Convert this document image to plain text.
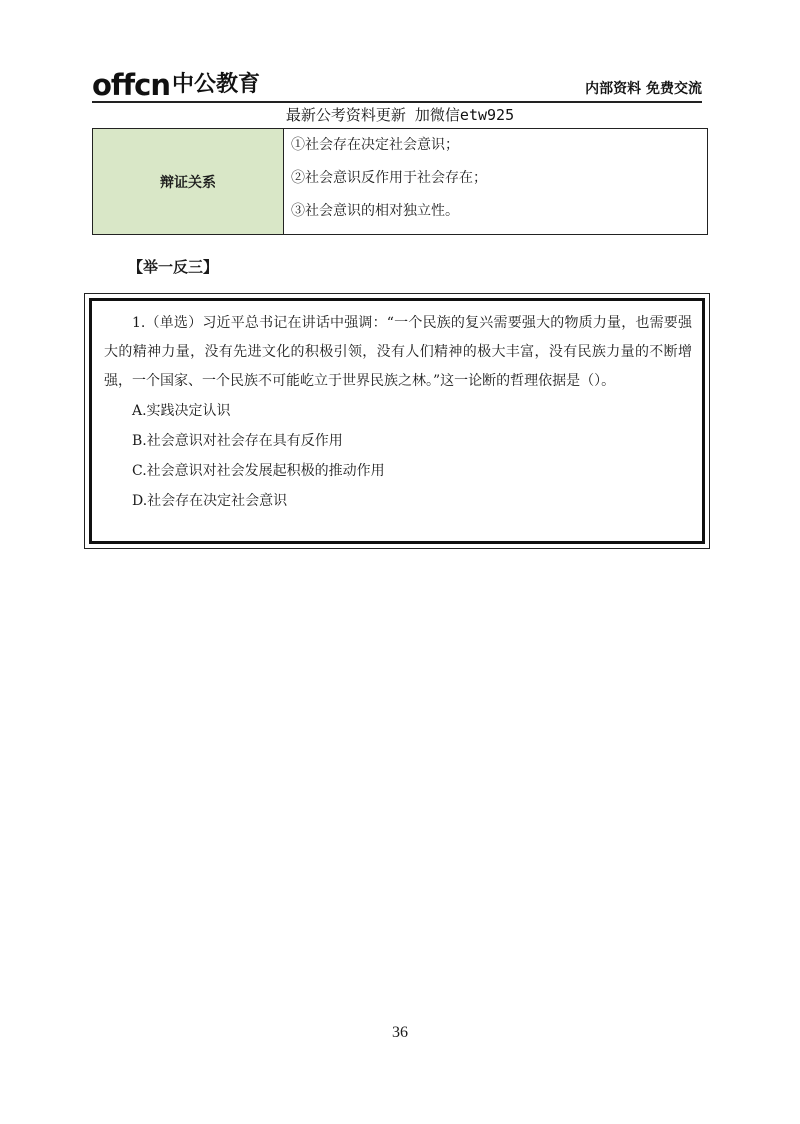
offcn 中公教育	内部资料 免费交流
最新公考资料更新 加微信etw925
辩证关系
①社会存在决定社会意识；
②社会意识反作用于社会存在；
③社会意识的相对独立性。
【举一反三】

1.（单选）习近平总书记在讲话中强调：“一个民族的复兴需要强大的物质力量，也需要强大的精神力量，没有先进文化的积极引领，没有人们精神的极大丰富，没有民族力量的不断增强，一个国家、一个民族不可能屹立于世界民族之林。”这一论断的哲理依据是（）。

A.实践决定认识
B.社会意识对社会存在具有反作用
C.社会意识对社会发展起积极的推动作用
D.社会存在决定社会意识
36
